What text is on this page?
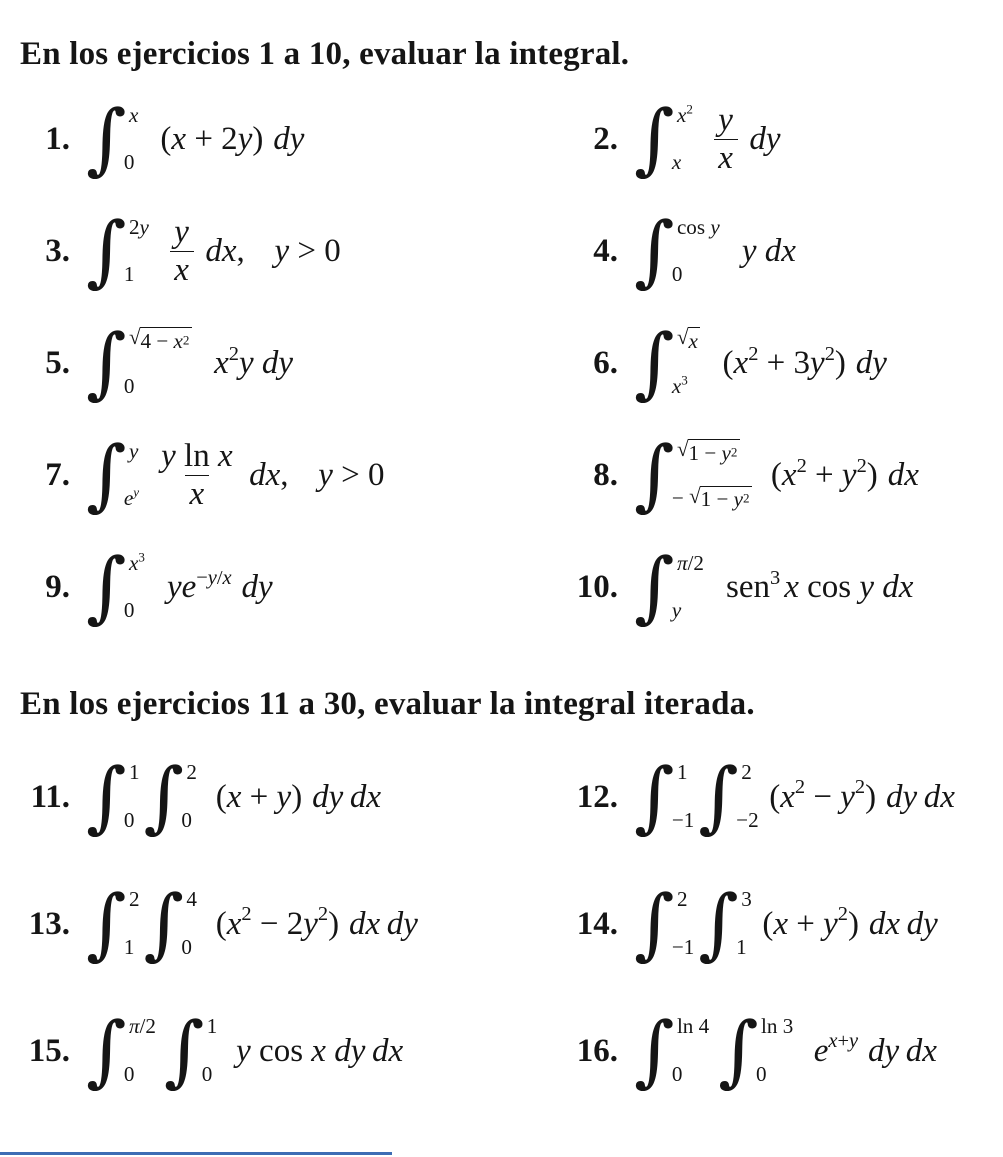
En los ejercicios 1 a 10, evaluar la integral.
1. ∫ x
0
( x + 2 y ) dy	2. ∫ x 2
x $\frac{y}{x}$ dy
3. ∫ 2 y
$1 \frac{y}{x}$ dx , y > 0	4. ∫ cos y
0
y dx
5. ∫ √ 4 − x2
0
x 2 y dy	6. ∫ √ x
x 3 ( x 2 + 3 y 2 ) dy
7. ∫ y
e y $\frac{\text{y ln x}}{x}$ dx , y > 0	8. ∫ √ 1 − y2
− √ 1 − y2
( x 2 + y 2 ) dx
9. ∫ x 3
0
ye −y/x dy	10. ∫ π /2
y
sen 3 x cos y dx
En los ejercicios 11 a 30, evaluar la integral iterada.
11. ∫ 1
0 ∫ 2
0
( x + y ) dy dx	12. ∫ 1
−1 ∫ 2
−2
( x 2 − y 2 ) dy dx
13. ∫ 2
1 ∫ 4
0
( x 2 − 2 y 2 ) dx dy	14. ∫ 2
−1 ∫ 3
1
( x + y 2 ) dx dy
15. ∫ π /2
0 ∫ 1
0
y cos x dy dx	16. ∫ ln 4
0 ∫ ln 3
0
e x+y dy dx
